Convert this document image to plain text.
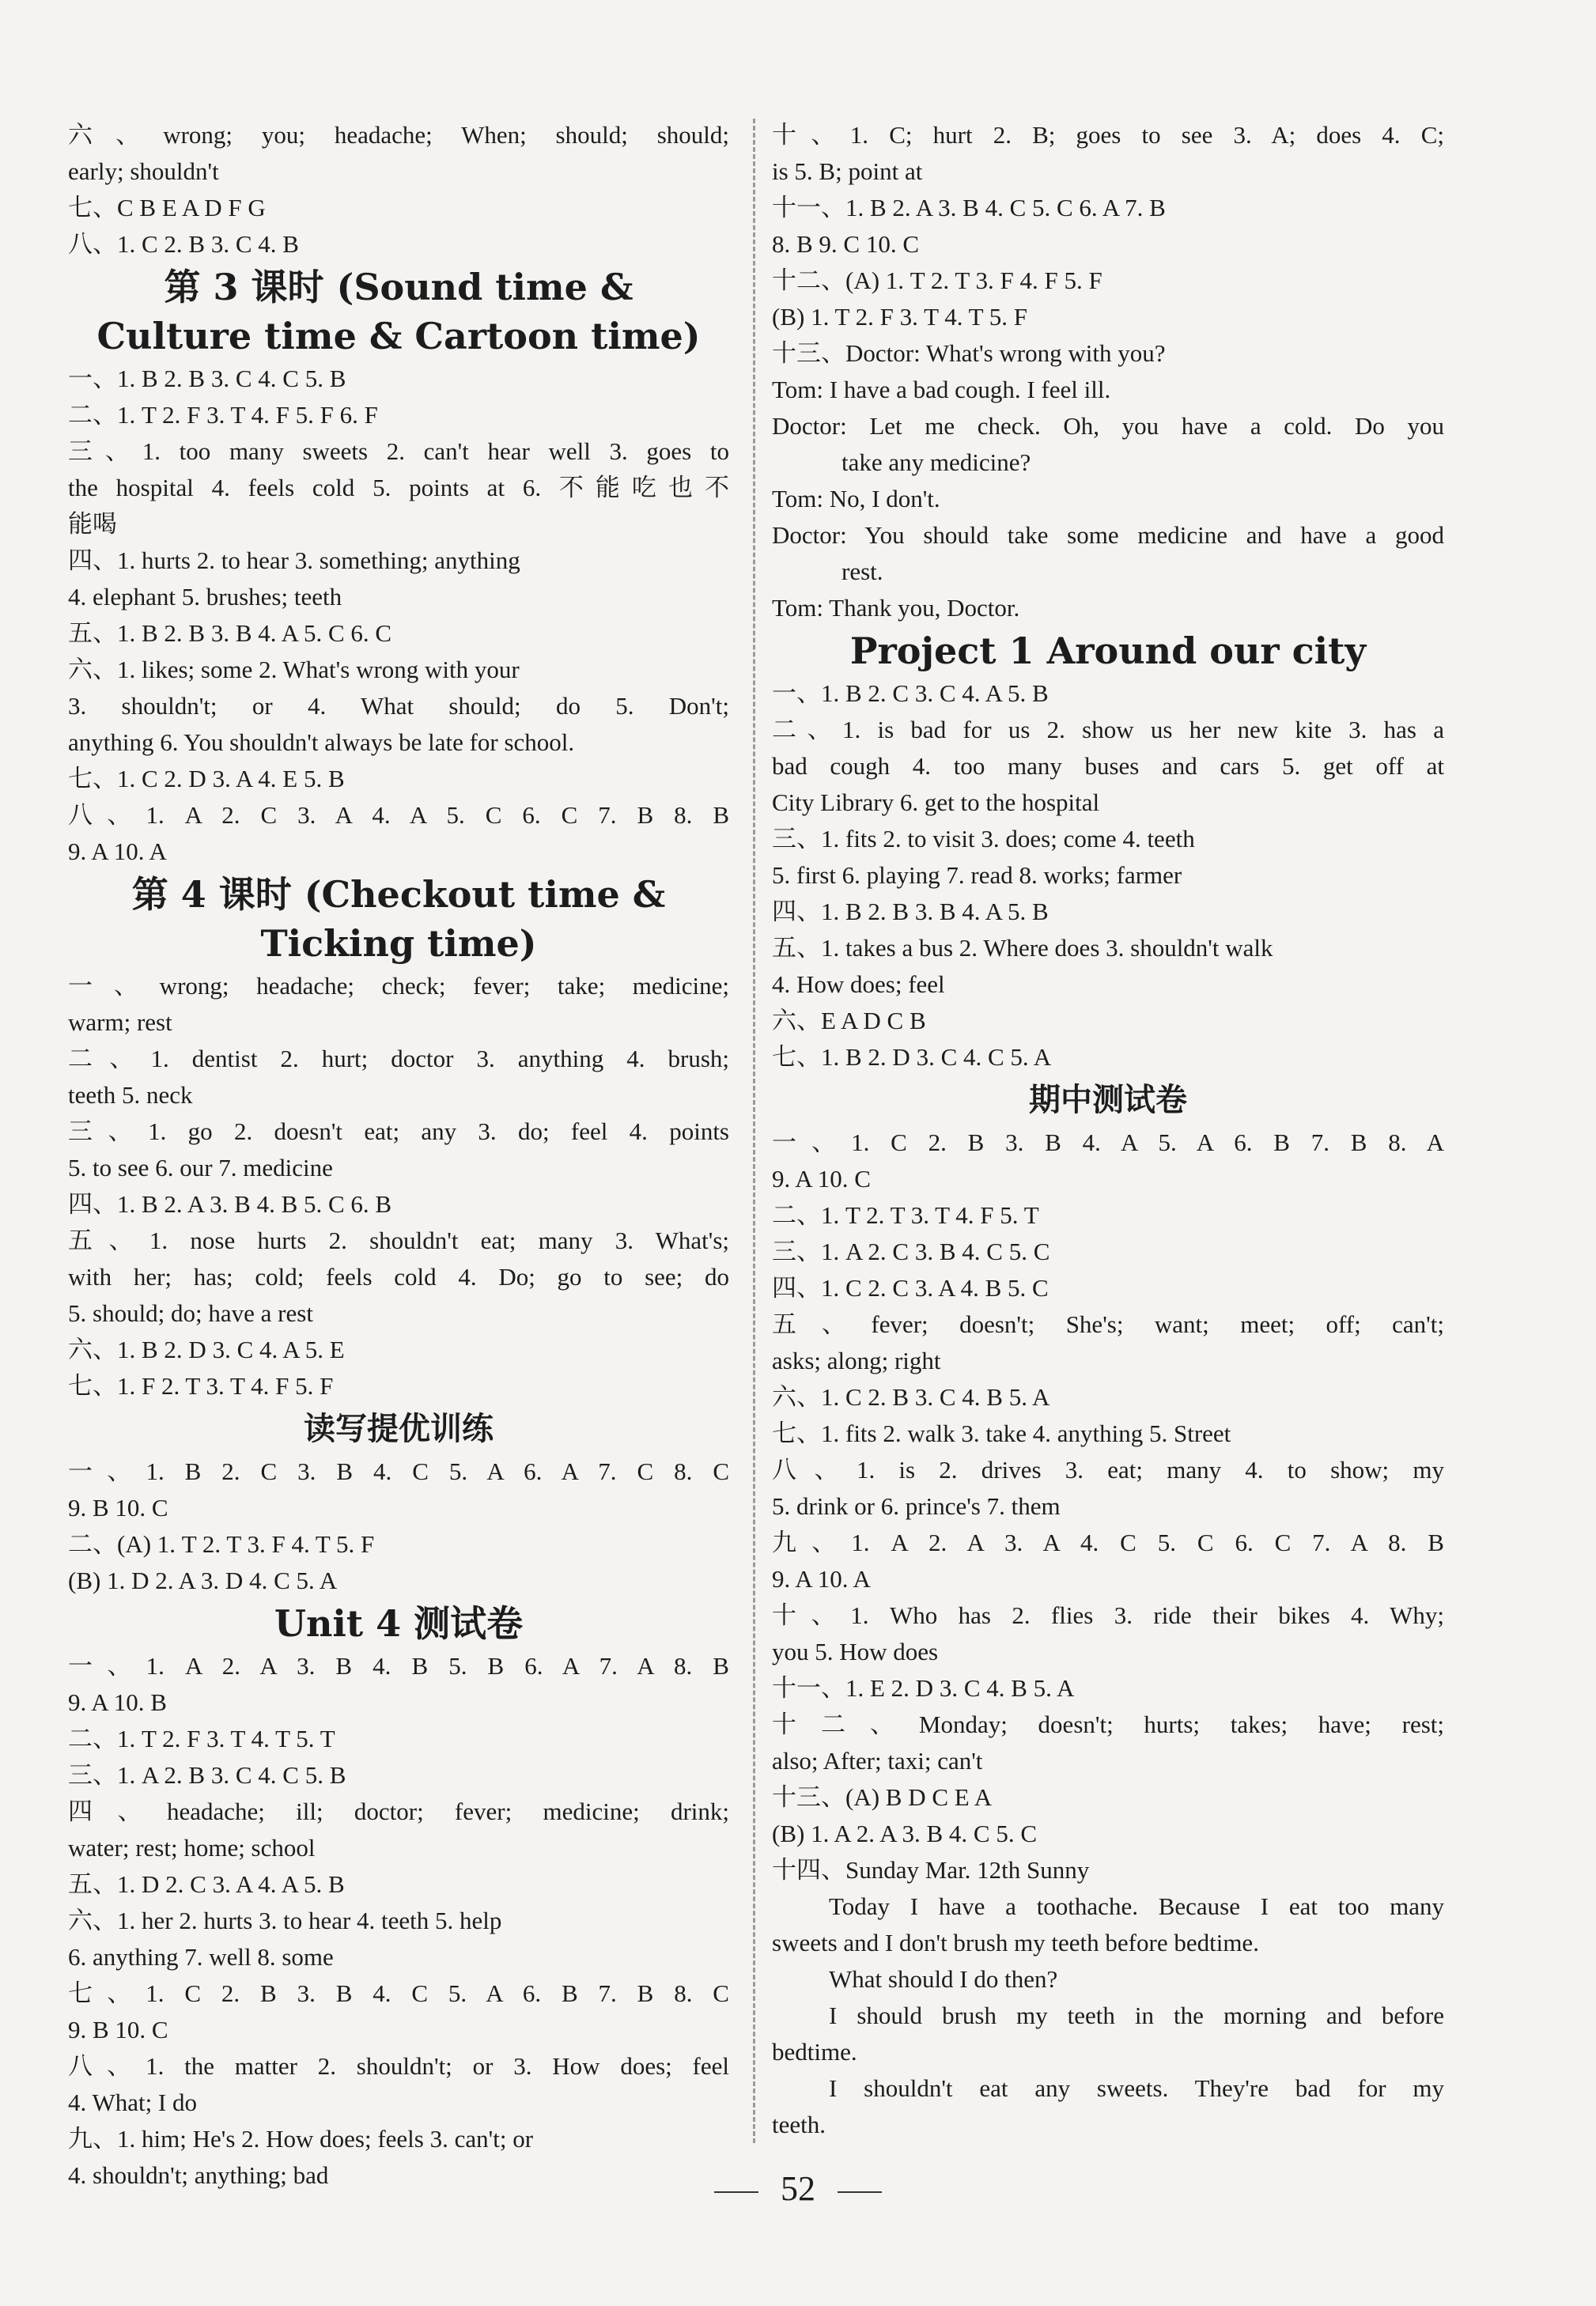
六、wrong; you; headache; When; should; should;
early; shouldn't
七、C B E A D F G
八、1. C 2. B 3. C 4. B
第 3 课时 (Sound time &
Culture time & Cartoon time)
一、1. B 2. B 3. C 4. C 5. B
二、1. T 2. F 3. T 4. F 5. F 6. F
三、1. too many sweets 2. can't hear well 3. goes to
the hospital 4. feels cold 5. points at 6. 不能吃也不
能喝
四、1. hurts 2. to hear 3. something; anything
4. elephant 5. brushes; teeth
五、1. B 2. B 3. B 4. A 5. C 6. C
六、1. likes; some 2. What's wrong with your
3. shouldn't; or 4. What should; do 5. Don't;
anything 6. You shouldn't always be late for school.
七、1. C 2. D 3. A 4. E 5. B
八、1. A 2. C 3. A 4. A 5. C 6. C 7. B 8. B
9. A 10. A
第 4 课时 (Checkout time &
Ticking time)
一、wrong; headache; check; fever; take; medicine;
warm; rest
二、1. dentist 2. hurt; doctor 3. anything 4. brush;
teeth 5. neck
三、1. go 2. doesn't eat; any 3. do; feel 4. points
5. to see 6. our 7. medicine
四、1. B 2. A 3. B 4. B 5. C 6. B
五、1. nose hurts 2. shouldn't eat; many 3. What's;
with her; has; cold; feels cold 4. Do; go to see; do
5. should; do; have a rest
六、1. B 2. D 3. C 4. A 5. E
七、1. F 2. T 3. T 4. F 5. F
读写提优训练
一、1. B 2. C 3. B 4. C 5. A 6. A 7. C 8. C
9. B 10. C
二、(A) 1. T 2. T 3. F 4. T 5. F
(B) 1. D 2. A 3. D 4. C 5. A
Unit 4 测试卷
一、1. A 2. A 3. B 4. B 5. B 6. A 7. A 8. B
9. A 10. B
二、1. T 2. F 3. T 4. T 5. T
三、1. A 2. B 3. C 4. C 5. B
四、headache; ill; doctor; fever; medicine; drink;
water; rest; home; school
五、1. D 2. C 3. A 4. A 5. B
六、1. her 2. hurts 3. to hear 4. teeth 5. help
6. anything 7. well 8. some
七、1. C 2. B 3. B 4. C 5. A 6. B 7. B 8. C
9. B 10. C
八、1. the matter 2. shouldn't; or 3. How does; feel
4. What; I do
九、1. him; He's 2. How does; feels 3. can't; or
4. shouldn't; anything; bad
十、1. C; hurt 2. B; goes to see 3. A; does 4. C;
is 5. B; point at
十一、1. B 2. A 3. B 4. C 5. C 6. A 7. B
8. B 9. C 10. C
十二、(A) 1. T 2. T 3. F 4. F 5. F
(B) 1. T 2. F 3. T 4. T 5. F
十三、Doctor: What's wrong with you?
Tom: I have a bad cough. I feel ill.
Doctor: Let me check. Oh, you have a cold. Do you
take any medicine?
Tom: No, I don't.
Doctor: You should take some medicine and have a good
rest.
Tom: Thank you, Doctor.
Project 1 Around our city
一、1. B 2. C 3. C 4. A 5. B
二、1. is bad for us 2. show us her new kite 3. has a
bad cough 4. too many buses and cars 5. get off at
City Library 6. get to the hospital
三、1. fits 2. to visit 3. does; come 4. teeth
5. first 6. playing 7. read 8. works; farmer
四、1. B 2. B 3. B 4. A 5. B
五、1. takes a bus 2. Where does 3. shouldn't walk
4. How does; feel
六、E A D C B
七、1. B 2. D 3. C 4. C 5. A
期中测试卷
一、1. C 2. B 3. B 4. A 5. A 6. B 7. B 8. A
9. A 10. C
二、1. T 2. T 3. T 4. F 5. T
三、1. A 2. C 3. B 4. C 5. C
四、1. C 2. C 3. A 4. B 5. C
五、fever; doesn't; She's; want; meet; off; can't;
asks; along; right
六、1. C 2. B 3. C 4. B 5. A
七、1. fits 2. walk 3. take 4. anything 5. Street
八、1. is 2. drives 3. eat; many 4. to show; my
5. drink or 6. prince's 7. them
九、1. A 2. A 3. A 4. C 5. C 6. C 7. A 8. B
9. A 10. A
十、1. Who has 2. flies 3. ride their bikes 4. Why;
you 5. How does
十一、1. E 2. D 3. C 4. B 5. A
十二、Monday; doesn't; hurts; takes; have; rest;
also; After; taxi; can't
十三、(A) B D C E A
(B) 1. A 2. A 3. B 4. C 5. C
十四、Sunday Mar. 12th Sunny
Today I have a toothache. Because I eat too many
sweets and I don't brush my teeth before bedtime.
What should I do then?
I should brush my teeth in the morning and before
bedtime.
I shouldn't eat any sweets. They're bad for my
teeth.
52
